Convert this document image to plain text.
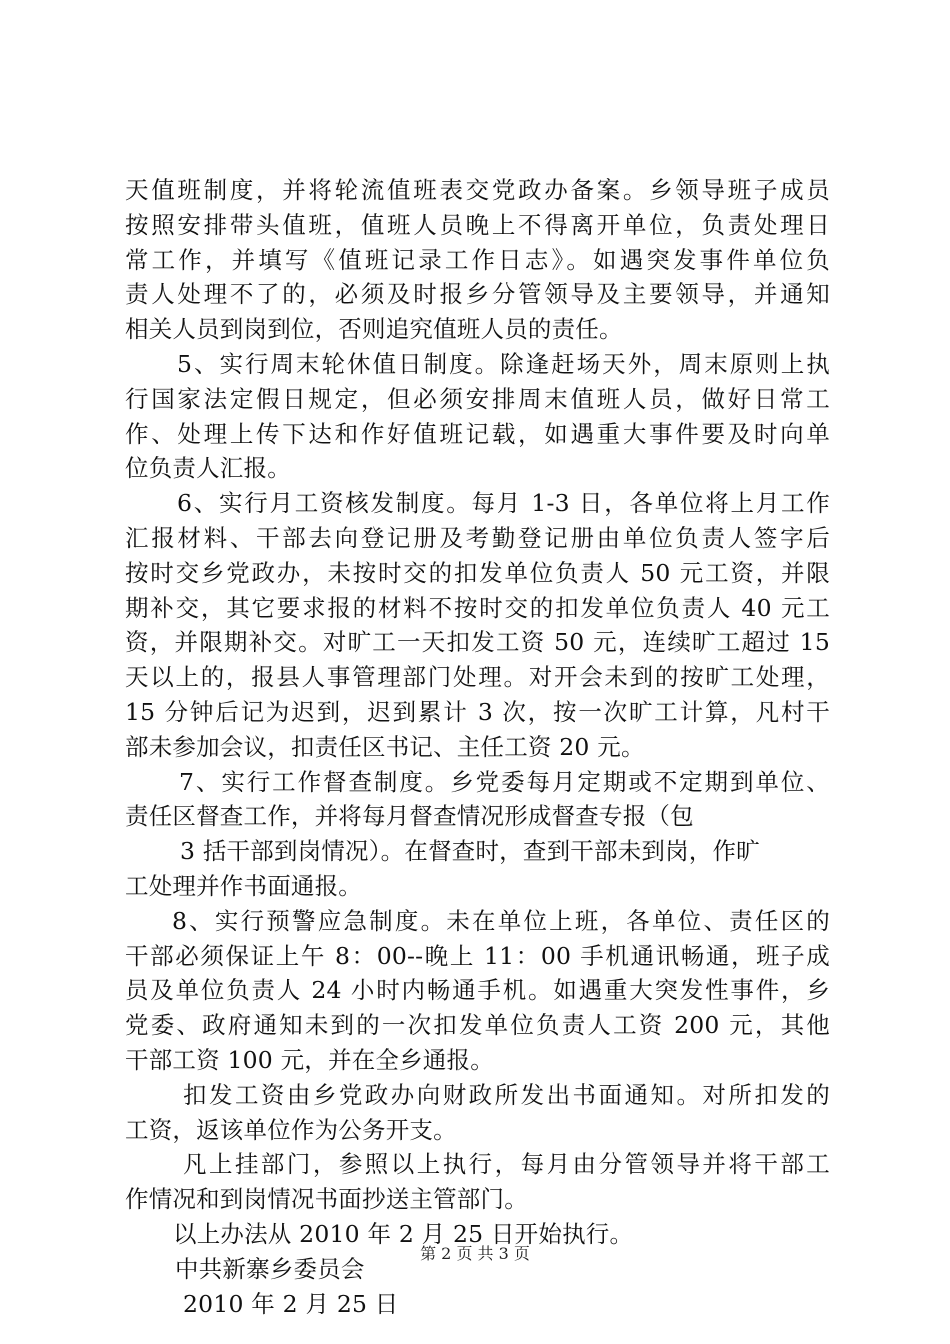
天值班制度，并将轮流值班表交党政办备案。乡领导班子成员
按照安排带头值班，值班人员晚上不得离开单位，负责处理日
常工作，并填写《值班记录工作日志》。如遇突发事件单位负
责人处理不了的，必须及时报乡分管领导及主要领导，并通知
相关人员到岗到位，否则追究值班人员的责任。
5、实行周末轮休值日制度。除逢赶场天外，周末原则上执
行国家法定假日规定，但必须安排周末值班人员，做好日常工
作、处理上传下达和作好值班记载，如遇重大事件要及时向单
位负责人汇报。
6、实行月工资核发制度。每月 1-3 日，各单位将上月工作
汇报材料、干部去向登记册及考勤登记册由单位负责人签字后
按时交乡党政办，未按时交的扣发单位负责人 50 元工资，并限
期补交，其它要求报的材料不按时交的扣发单位负责人 40 元工
资，并限期补交。对旷工一天扣发工资 50 元，连续旷工超过 15
天以上的，报县人事管理部门处理。对开会未到的按旷工处理，
15 分钟后记为迟到，迟到累计 3 次，按一次旷工计算，凡村干
部未参加会议，扣责任区书记、主任工资 20 元。
7、实行工作督查制度。乡党委每月定期或不定期到单位、
责任区督查工作，并将每月督查情况形成督查专报（包
3 括干部到岗情况）。在督查时，查到干部未到岗，作旷
工处理并作书面通报。
8、实行预警应急制度。未在单位上班，各单位、责任区的
干部必须保证上午 8：00--晚上 11：00 手机通讯畅通，班子成
员及单位负责人 24 小时内畅通手机。如遇重大突发性事件，乡
党委、政府通知未到的一次扣发单位负责人工资 200 元，其他
干部工资 100 元，并在全乡通报。
扣发工资由乡党政办向财政所发出书面通知。对所扣发的
工资，返该单位作为公务开支。
凡上挂部门，参照以上执行，每月由分管领导并将干部工
作情况和到岗情况书面抄送主管部门。
以上办法从 2010 年 2 月 25 日开始执行。
中共新寨乡委员会
2010 年 2 月 25 日
第 2 页 共 3 页
